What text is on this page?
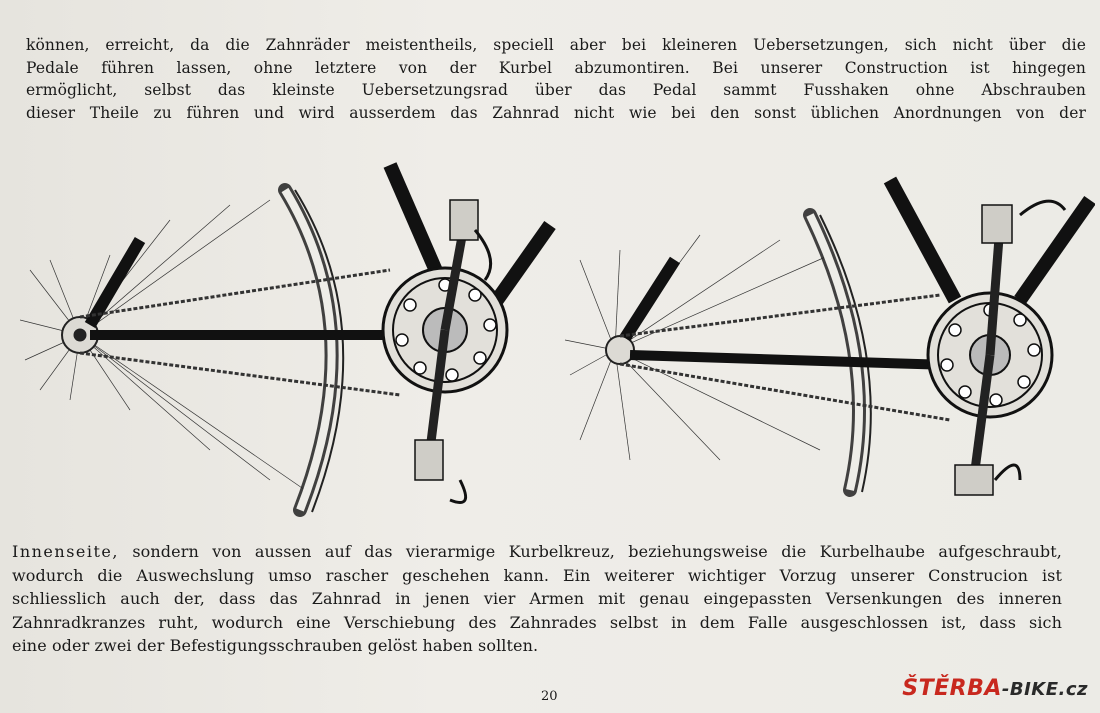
können, erreicht, da die Zahnräder meistentheils, speciell aber bei kleineren Uebersetzungen, sich nicht über die
Pedale führen lassen, ohne letztere von der Kurbel abzumontiren. Bei unserer Construction ist hingegen
ermöglicht, selbst das kleinste Uebersetzungsrad über das Pedal sammt Fusshaken ohne Abschrauben
dieser Theile zu führen und wird ausserdem das Zahnrad nicht wie bei den sonst üblichen Anordnungen von der
Innenseite, sondern von aussen auf das vierarmige Kurbelkreuz, beziehungsweise die Kurbelhaube aufgeschraubt,
wodurch die Auswechslung umso rascher geschehen kann. Ein weiterer wichtiger Vorzug unserer Construcion ist
schliesslich auch der, dass das Zahnrad in jenen vier Armen mit genau eingepassten Versenkungen des inneren
Zahnradkranzes ruht, wodurch eine Verschiebung des Zahnrades selbst in dem Falle ausgeschlossen ist, dass sich
eine oder zwei der Befestigungsschrauben gelöst haben sollten.
20	ŠTĚRBA-BIKE.cz
